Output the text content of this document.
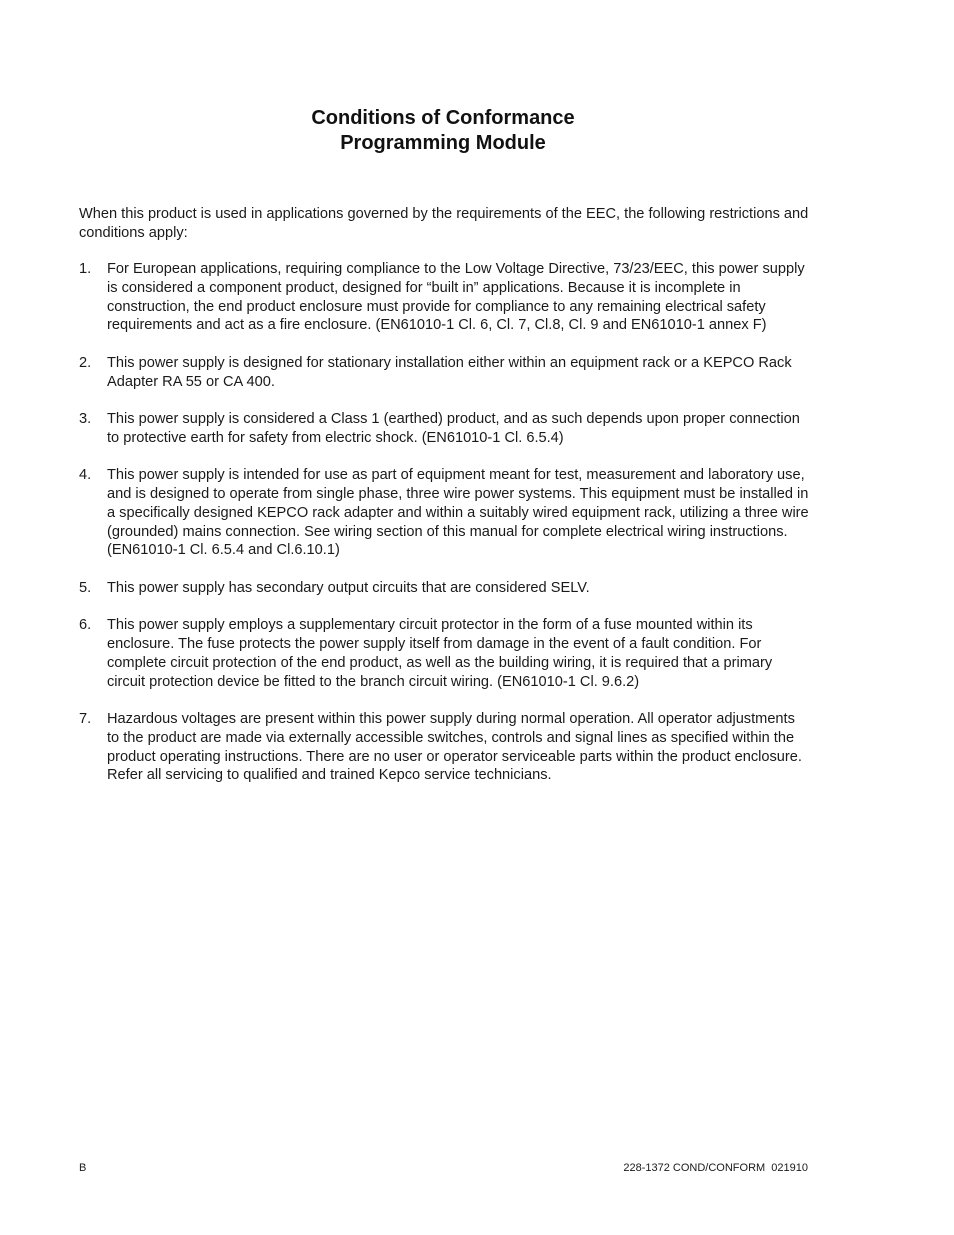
Conditions of Conformance
Programming Module

When this product is used in applications governed by the requirements of the EEC, the following restrictions and conditions apply:

1. For European applications, requiring compliance to the Low Voltage Directive, 73/23/EEC, this power supply is considered a component product, designed for “built in” applications. Because it is incomplete in construction, the end product enclosure must provide for compliance to any remaining electrical safety requirements and act as a fire enclosure. (EN61010-1 Cl. 6, Cl. 7, Cl.8, Cl. 9 and EN61010-1 annex F)
2. This power supply is designed for stationary installation either within an equipment rack or a KEPCO Rack Adapter RA 55 or CA 400.
3. This power supply is considered a Class 1 (earthed) product, and as such depends upon proper connection to protective earth for safety from electric shock. (EN61010-1 Cl. 6.5.4)
4. This power supply is intended for use as part of equipment meant for test, measurement and laboratory use, and is designed to operate from single phase, three wire power systems. This equipment must be installed in a specifically designed KEPCO rack adapter and within a suitably wired equipment rack, utilizing a three wire (grounded) mains connection. See wiring section of this manual for complete electrical wiring instructions. (EN61010-1 Cl. 6.5.4 and Cl.6.10.1)
5. This power supply has secondary output circuits that are considered SELV.
6. This power supply employs a supplementary circuit protector in the form of a fuse mounted within its enclosure. The fuse protects the power supply itself from damage in the event of a fault condition. For complete circuit protection of the end product, as well as the building wiring, it is required that a primary circuit protection device be fitted to the branch circuit wiring. (EN61010-1 Cl. 9.6.2)
7. Hazardous voltages are present within this power supply during normal operation. All operator adjustments to the product are made via externally accessible switches, controls and signal lines as specified within the product operating instructions. There are no user or operator serviceable parts within the product enclosure. Refer all servicing to qualified and trained Kepco service technicians.
B	228-1372 COND/CONFORM  021910
